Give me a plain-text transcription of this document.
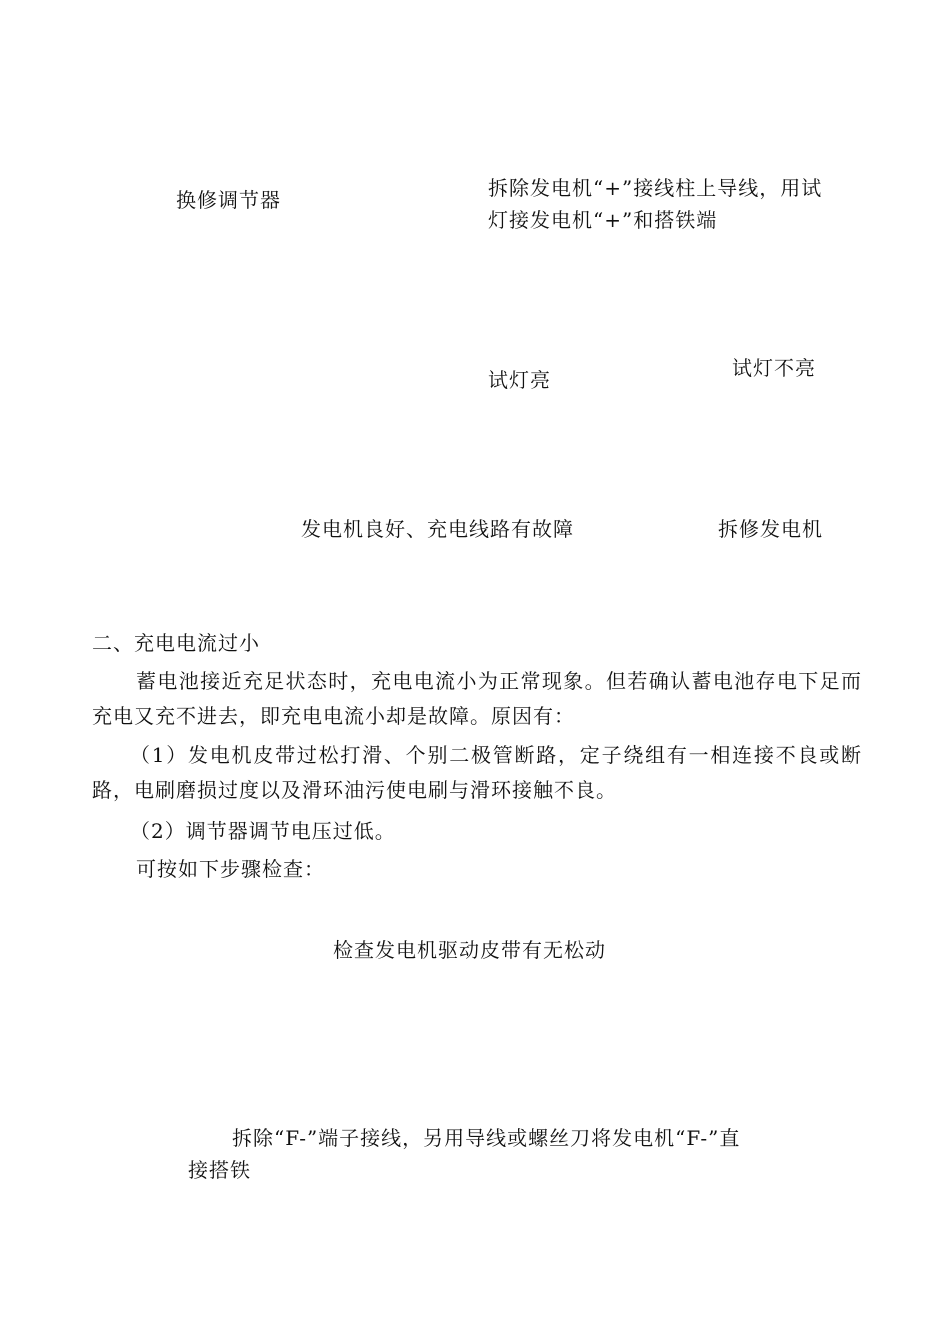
换修调节器	拆除发电机“+”接线柱上导线，用试
灯接发电机“+”和搭铁端
试灯亮	试灯不亮
发电机良好、充电线路有故障	拆修发电机
二、充电电流过小
蓄电池接近充足状态时，充电电流小为正常现象。但若确认蓄电池存电下足而充电又充不进去，即充电电流小却是故障。原因有：
（1）发电机皮带过松打滑、个别二极管断路，定子绕组有一相连接不良或断路，电刷磨损过度以及滑环油污使电刷与滑环接触不良。
（2）调节器调节电压过低。
可按如下步骤检查：
检查发电机驱动皮带有无松动
拆除“F-”端子接线，另用导线或螺丝刀将发电机“F-”直
接搭铁
